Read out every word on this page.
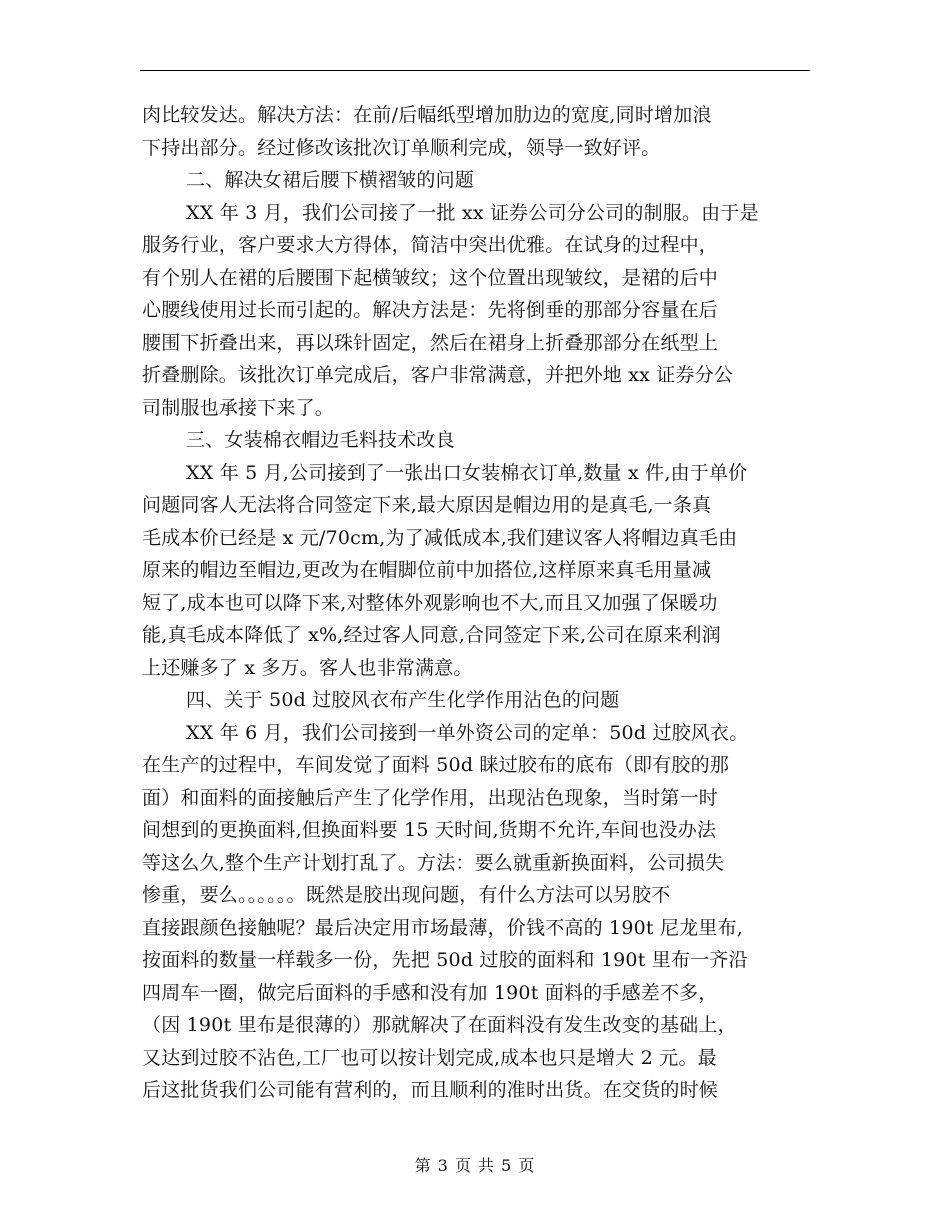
肉比较发达。解决方法：在前/后幅纸型增加肋边的宽度,同时增加浪
下持出部分。经过修改该批次订单顺利完成，领导一致好评。
二、解决女裙后腰下横褶皱的问题
XX 年 3 月，我们公司接了一批 xx 证券公司分公司的制服。由于是
服务行业，客户要求大方得体，简洁中突出优雅。在试身的过程中，
有个别人在裙的后腰围下起横皱纹；这个位置出现皱纹，是裙的后中
心腰线使用过长而引起的。解决方法是：先将倒垂的那部分容量在后
腰围下折叠出来，再以珠针固定，然后在裙身上折叠那部分在纸型上
折叠删除。该批次订单完成后，客户非常满意，并把外地 xx 证券分公
司制服也承接下来了。
三、女装棉衣帽边毛料技术改良
XX 年 5 月,公司接到了一张出口女装棉衣订单,数量 x 件,由于单价
问题同客人无法将合同签定下来,最大原因是帽边用的是真毛,一条真
毛成本价已经是 x 元/70cm,为了减低成本,我们建议客人将帽边真毛由
原来的帽边至帽边,更改为在帽脚位前中加搭位,这样原来真毛用量减
短了,成本也可以降下来,对整体外观影响也不大,而且又加强了保暖功
能,真毛成本降低了 x%,经过客人同意,合同签定下来,公司在原来利润
上还赚多了 x 多万。客人也非常满意。
四、关于 50d 过胶风衣布产生化学作用沾色的问题
XX 年 6 月，我们公司接到一单外资公司的定单：50d 过胶风衣。
在生产的过程中，车间发觉了面料 50d 睐过胶布的底布（即有胶的那
面）和面料的面接触后产生了化学作用，出现沾色现象，当时第一时
间想到的更换面料,但换面料要 15 天时间,货期不允许,车间也没办法
等这么久,整个生产计划打乱了。方法：要么就重新换面料，公司损失
惨重，要么。。。。。。既然是胶出现问题，有什么方法可以另胶不
直接跟颜色接触呢？最后决定用市场最薄，价钱不高的 190t 尼龙里布,
按面料的数量一样载多一份，先把 50d 过胶的面料和 190t 里布一齐沿
四周车一圈，做完后面料的手感和没有加 190t 面料的手感差不多，
（因 190t 里布是很薄的）那就解决了在面料没有发生改变的基础上，
又达到过胶不沾色,工厂也可以按计划完成,成本也只是增大 2 元。最
后这批货我们公司能有营利的，而且顺利的准时出货。在交货的时候
第 3 页 共 5 页
